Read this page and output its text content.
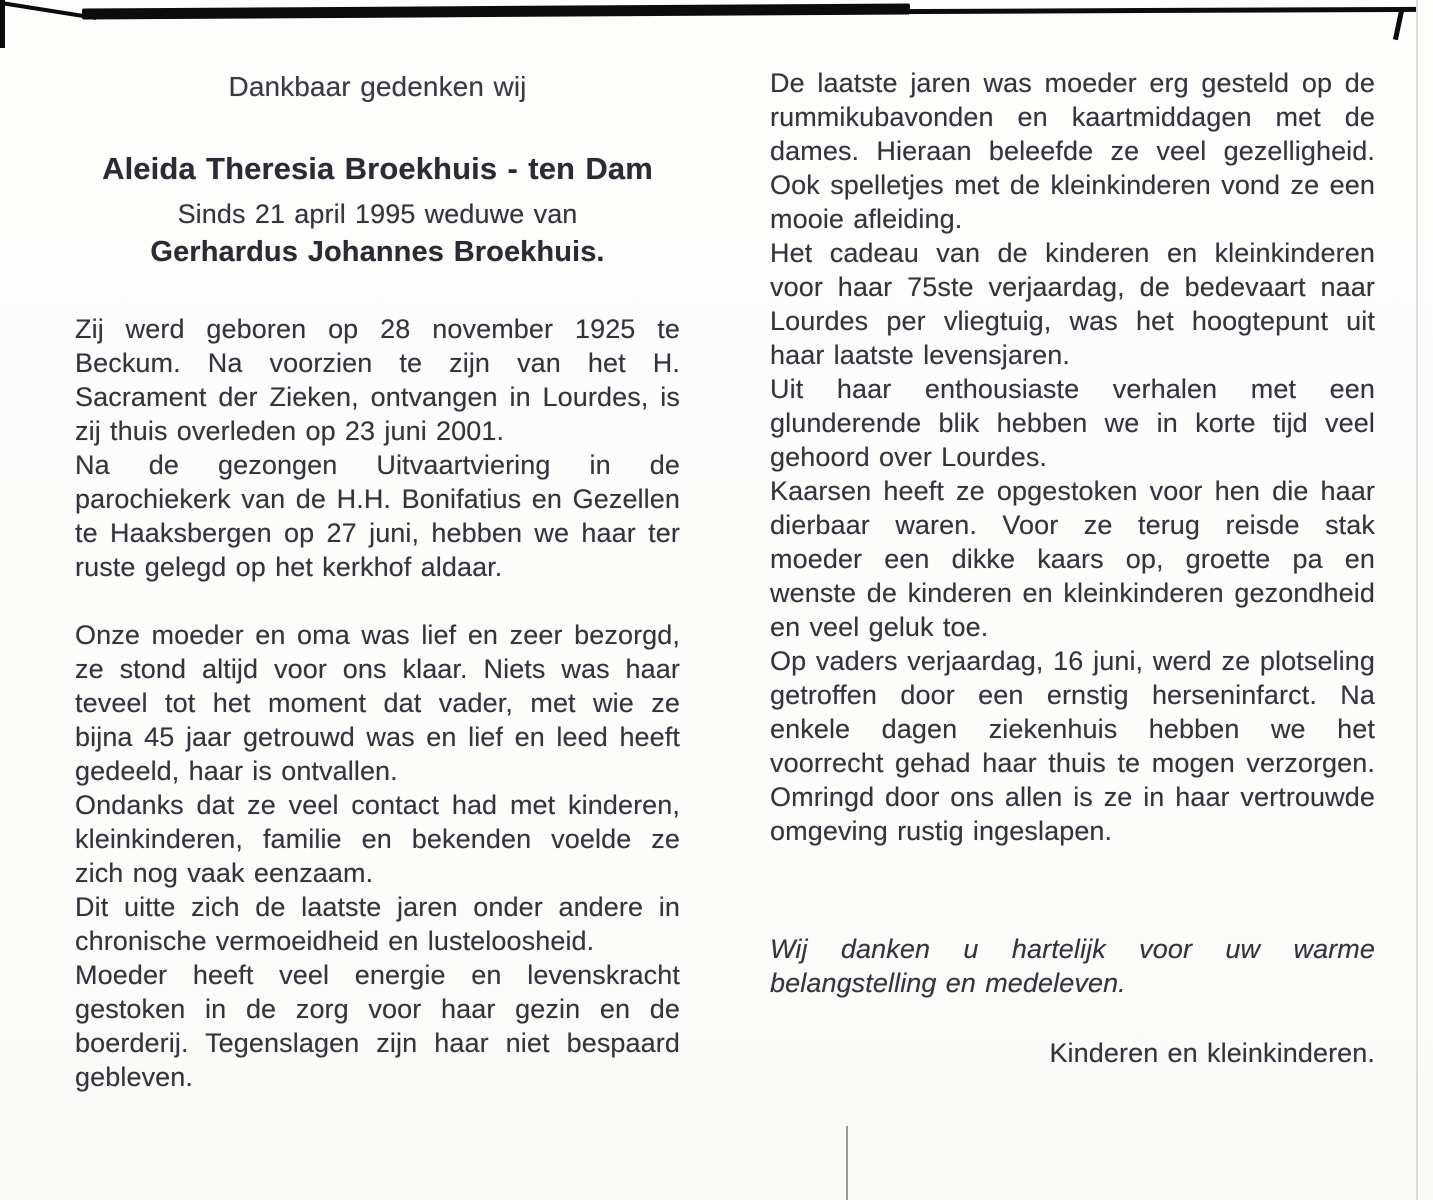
Dankbaar gedenken wij
Aleida Theresia Broekhuis - ten Dam
Sinds 21 april 1995 weduwe van
Gerhardus Johannes Broekhuis.

Zij werd geboren op 28 november 1925 te Beckum. Na voorzien te zijn van het H. Sacrament der Zieken, ontvangen in Lourdes, is zij thuis overleden op 23 juni 2001.

Na de gezongen Uitvaartviering in de parochiekerk van de H.H. Bonifatius en Gezellen te Haaksbergen op 27 juni, hebben we haar ter ruste gelegd op het kerkhof aldaar.

Onze moeder en oma was lief en zeer bezorgd, ze stond altijd voor ons klaar. Niets was haar teveel tot het moment dat vader, met wie ze bijna 45 jaar getrouwd was en lief en leed heeft gedeeld, haar is ontvallen.

Ondanks dat ze veel contact had met kinderen, kleinkinderen, familie en bekenden voelde ze zich nog vaak eenzaam.

Dit uitte zich de laatste jaren onder andere in chronische vermoeidheid en lusteloosheid.

Moeder heeft veel energie en levenskracht gestoken in de zorg voor haar gezin en de boerderij. Tegenslagen zijn haar niet bespaard gebleven.

De laatste jaren was moeder erg gesteld op de rummikubavonden en kaartmiddagen met de dames. Hieraan beleefde ze veel gezelligheid. Ook spelletjes met de kleinkinderen vond ze een mooie afleiding.

Het cadeau van de kinderen en kleinkinderen voor haar 75ste verjaardag, de bedevaart naar Lourdes per vliegtuig, was het hoogtepunt uit haar laatste levensjaren.

Uit haar enthousiaste verhalen met een glunderende blik hebben we in korte tijd veel gehoord over Lourdes.

Kaarsen heeft ze opgestoken voor hen die haar dierbaar waren. Voor ze terug reisde stak moeder een dikke kaars op, groette pa en wenste de kinderen en kleinkinderen gezondheid en veel geluk toe.

Op vaders verjaardag, 16 juni, werd ze plotseling getroffen door een ernstig herseninfarct. Na enkele dagen ziekenhuis hebben we het voorrecht gehad haar thuis te mogen verzorgen. Omringd door ons allen is ze in haar vertrouwde omgeving rustig ingeslapen.

Wij danken u hartelijk voor uw warme belangstelling en medeleven.

Kinderen en kleinkinderen.
